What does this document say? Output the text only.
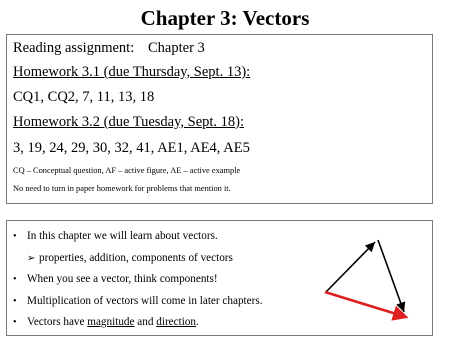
Chapter 3: Vectors
Reading assignment: Chapter 3
Homework 3.1 (due Thursday, Sept. 13):
CQ1, CQ2, 7, 11, 13, 18
Homework 3.2 (due Tuesday, Sept. 18):
3, 19, 24, 29, 30, 32, 41, AE1, AE4, AE5
CQ – Conceptual question, AF – active figure, AE – active example
No need to turn in paper homework for problems that mention it.
• In this chapter we will learn about vectors.
➢ properties, addition, components of vectors
• When you see a vector, think components!
• Multiplication of vectors will come in later chapters.
• Vectors have magnitude and direction.
